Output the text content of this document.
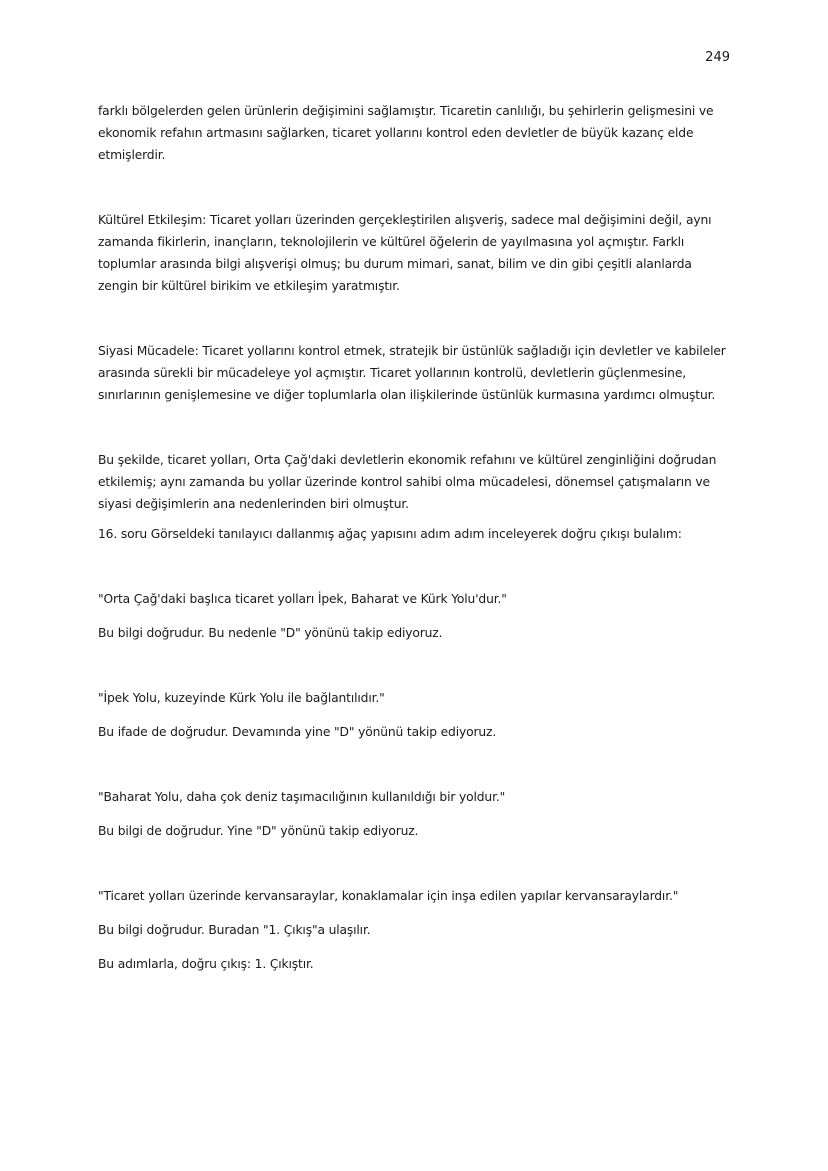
249

farklı bölgelerden gelen ürünlerin değişimini sağlamıştır. Ticaretin canlılığı, bu şehirlerin gelişmesini ve ekonomik refahın artmasını sağlarken, ticaret yollarını kontrol eden devletler de büyük kazanç elde etmişlerdir.

Kültürel Etkileşim: Ticaret yolları üzerinden gerçekleştirilen alışveriş, sadece mal değişimini değil, aynı zamanda fikirlerin, inançların, teknolojilerin ve kültürel öğelerin de yayılmasına yol açmıştır. Farklı toplumlar arasında bilgi alışverişi olmuş; bu durum mimari, sanat, bilim ve din gibi çeşitli alanlarda zengin bir kültürel birikim ve etkileşim yaratmıştır.

Siyasi Mücadele: Ticaret yollarını kontrol etmek, stratejik bir üstünlük sağladığı için devletler ve kabileler arasında sürekli bir mücadeleye yol açmıştır. Ticaret yollarının kontrolü, devletlerin güçlenmesine, sınırlarının genişlemesine ve diğer toplumlarla olan ilişkilerinde üstünlük kurmasına yardımcı olmuştur.

Bu şekilde, ticaret yolları, Orta Çağ'daki devletlerin ekonomik refahını ve kültürel zenginliğini doğrudan etkilemiş; aynı zamanda bu yollar üzerinde kontrol sahibi olma mücadelesi, dönemsel çatışmaların ve siyasi değişimlerin ana nedenlerinden biri olmuştur.

16. soru Görseldeki tanılayıcı dallanmış ağaç yapısını adım adım inceleyerek doğru çıkışı bulalım:

"Orta Çağ'daki başlıca ticaret yolları İpek, Baharat ve Kürk Yolu'dur."

Bu bilgi doğrudur. Bu nedenle "D" yönünü takip ediyoruz.

"İpek Yolu, kuzeyinde Kürk Yolu ile bağlantılıdır."

Bu ifade de doğrudur. Devamında yine "D" yönünü takip ediyoruz.

"Baharat Yolu, daha çok deniz taşımacılığının kullanıldığı bir yoldur."

Bu bilgi de doğrudur. Yine "D" yönünü takip ediyoruz.

"Ticaret yolları üzerinde kervansaraylar, konaklamalar için inşa edilen yapılar kervansaraylardır."

Bu bilgi doğrudur. Buradan "1. Çıkış"a ulaşılır.

Bu adımlarla, doğru çıkış: 1. Çıkıştır.
